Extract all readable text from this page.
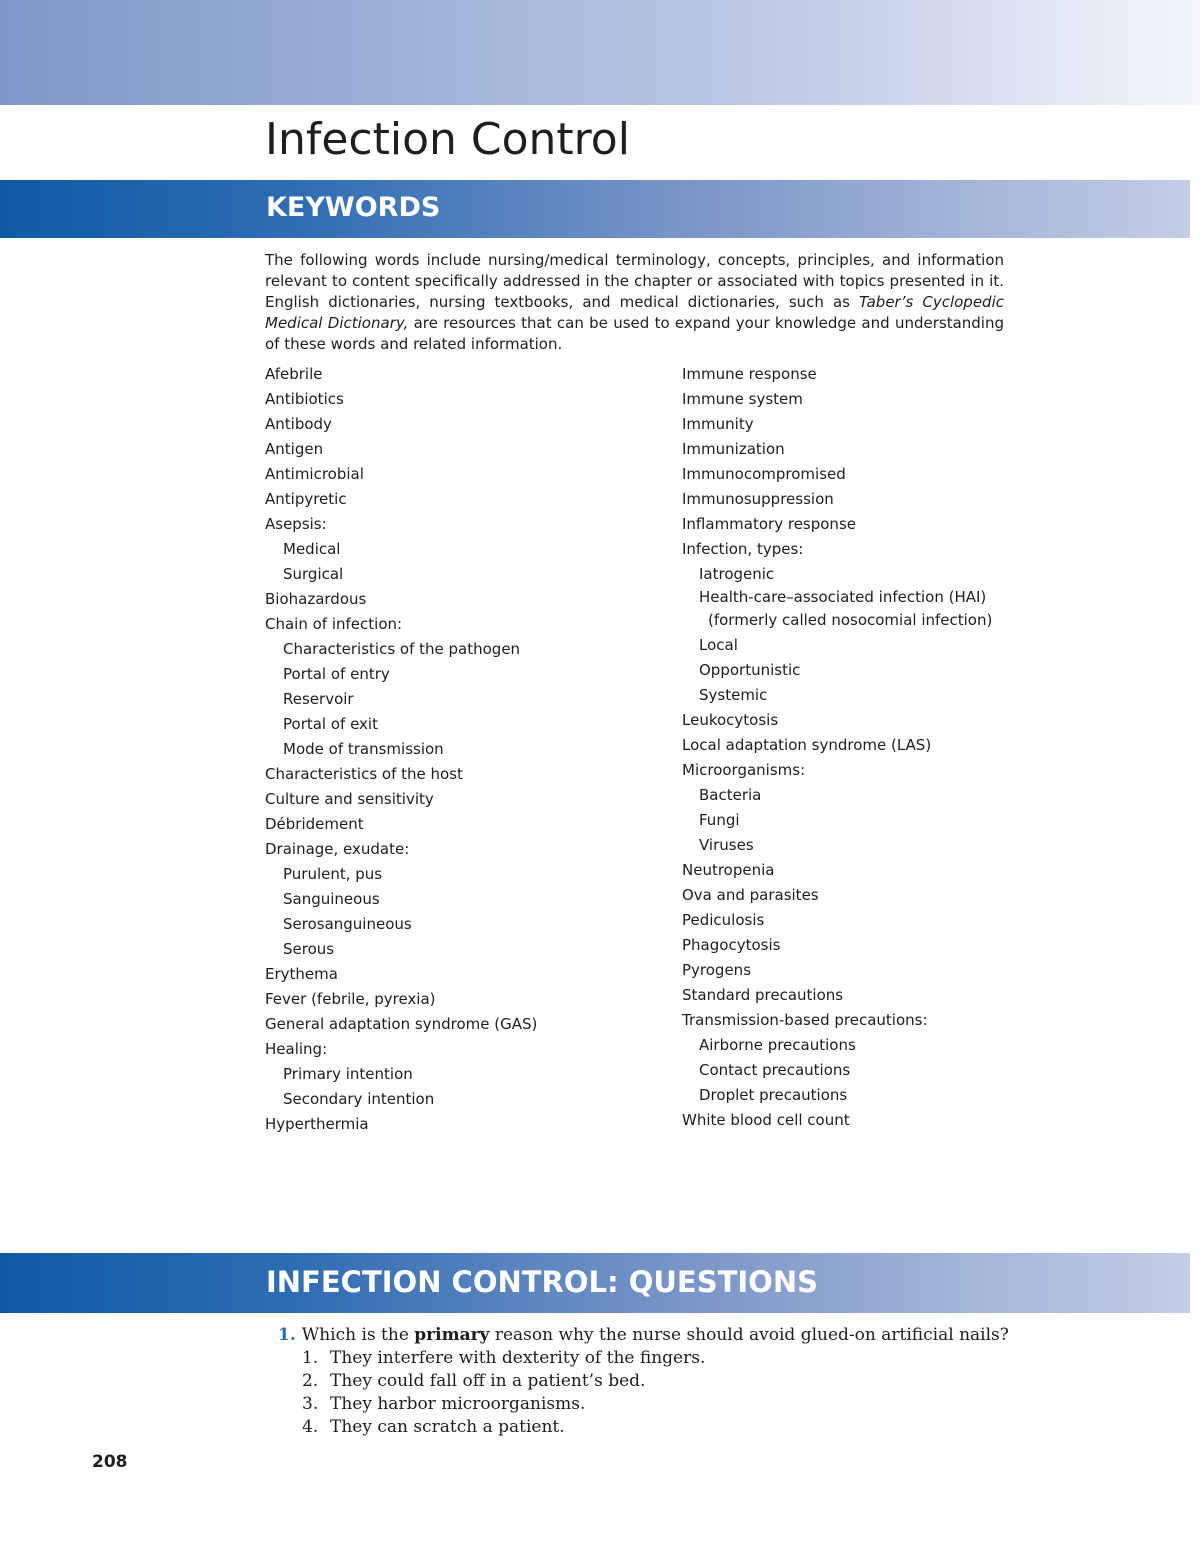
Infection Control
KEYWORDS
The following words include nursing/medical terminology, concepts, principles, and information relevant to content specifically addressed in the chapter or associated with topics presented in it. English dictionaries, nursing textbooks, and medical dictionaries, such as Taber’s Cyclopedic Medical Dictionary, are resources that can be used to expand your knowledge and understanding of these words and related information.
Afebrile
Antibiotics
Antibody
Antigen
Antimicrobial
Antipyretic
Asepsis:
Medical
Surgical
Biohazardous
Chain of infection:
Characteristics of the pathogen
Portal of entry
Reservoir
Portal of exit
Mode of transmission
Characteristics of the host
Culture and sensitivity
Débridement
Drainage, exudate:
Purulent, pus
Sanguineous
Serosanguineous
Serous
Erythema
Fever (febrile, pyrexia)
General adaptation syndrome (GAS)
Healing:
Primary intention
Secondary intention
Hyperthermia
Immune response
Immune system
Immunity
Immunization
Immunocompromised
Immunosuppression
Inflammatory response
Infection, types:
Iatrogenic
Health-care–associated infection (HAI)
(formerly called nosocomial infection)
Local
Opportunistic
Systemic
Leukocytosis
Local adaptation syndrome (LAS)
Microorganisms:
Bacteria
Fungi
Viruses
Neutropenia
Ova and parasites
Pediculosis
Phagocytosis
Pyrogens
Standard precautions
Transmission-based precautions:
Airborne precautions
Contact precautions
Droplet precautions
White blood cell count
INFECTION CONTROL: QUESTIONS
1. Which is the primary reason why the nurse should avoid glued-on artificial nails?
1. They interfere with dexterity of the fingers.
2. They could fall off in a patient’s bed.
3. They harbor microorganisms.
4. They can scratch a patient.
208
